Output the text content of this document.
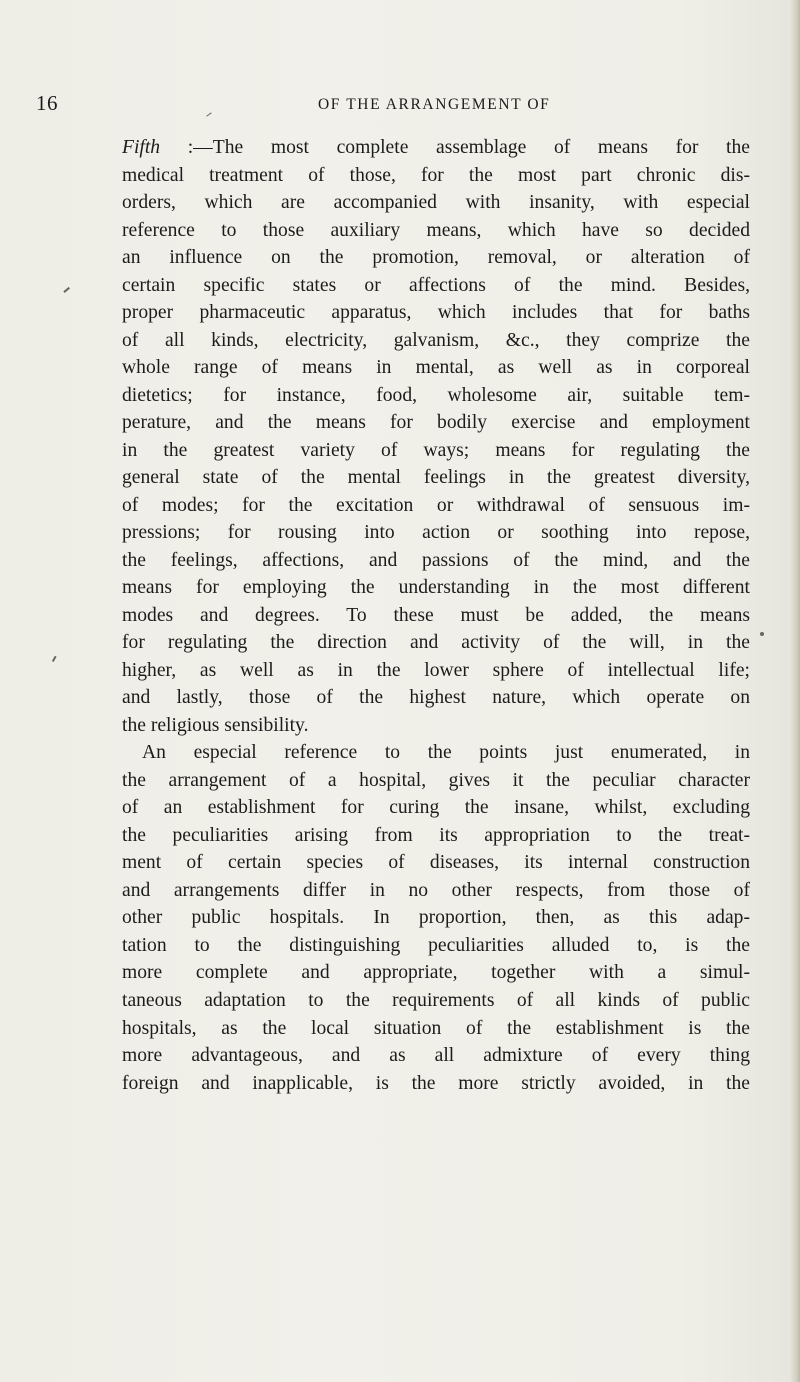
16	OF THE ARRANGEMENT OF
Fifth :—The most complete assemblage of means for the
medical treatment of those, for the most part chronic dis-
orders, which are accompanied with insanity, with especial
reference to those auxiliary means, which have so decided
an influence on the promotion, removal, or alteration of
certain specific states or affections of the mind. Besides,
proper pharmaceutic apparatus, which includes that for baths
of all kinds, electricity, galvanism, &c., they comprize the
whole range of means in mental, as well as in corporeal
dietetics; for instance, food, wholesome air, suitable tem-
perature, and the means for bodily exercise and employment
in the greatest variety of ways; means for regulating the
general state of the mental feelings in the greatest diversity,
of modes; for the excitation or withdrawal of sensuous im-
pressions; for rousing into action or soothing into repose,
the feelings, affections, and passions of the mind, and the
means for employing the understanding in the most different
modes and degrees. To these must be added, the means
for regulating the direction and activity of the will, in the
higher, as well as in the lower sphere of intellectual life;
and lastly, those of the highest nature, which operate on
the religious sensibility.
An especial reference to the points just enumerated, in
the arrangement of a hospital, gives it the peculiar character
of an establishment for curing the insane, whilst, excluding
the peculiarities arising from its appropriation to the treat-
ment of certain species of diseases, its internal construction
and arrangements differ in no other respects, from those of
other public hospitals. In proportion, then, as this adap-
tation to the distinguishing peculiarities alluded to, is the
more complete and appropriate, together with a simul-
taneous adaptation to the requirements of all kinds of public
hospitals, as the local situation of the establishment is the
more advantageous, and as all admixture of every thing
foreign and inapplicable, is the more strictly avoided, in the
